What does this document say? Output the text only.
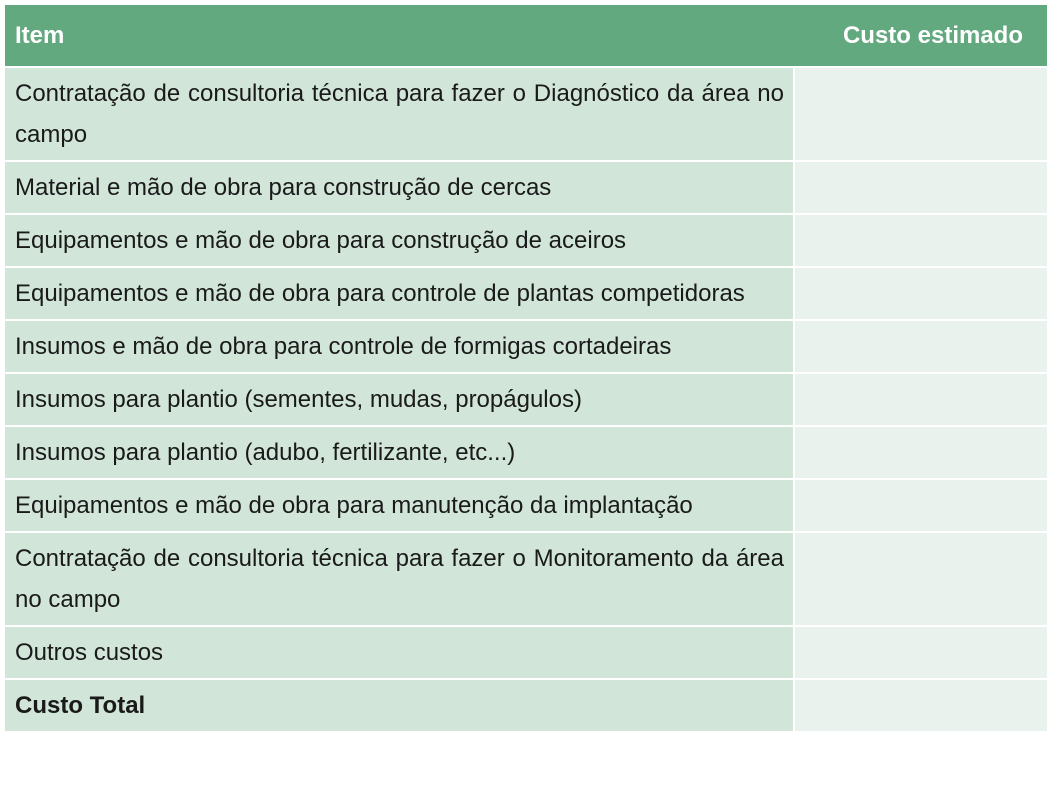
Item	Custo estimado
Contratação de consultoria técnica para fazer o Diagnóstico da área no campo	
Material e mão de obra para construção de cercas	
Equipamentos e mão de obra para construção de aceiros	
Equipamentos e mão de obra para controle de plantas competidoras	
Insumos e mão de obra para controle de formigas cortadeiras	
Insumos para plantio (sementes, mudas, propágulos)	
Insumos para plantio (adubo, fertilizante, etc...)	
Equipamentos e mão de obra para manutenção da implantação	
Contratação de consultoria técnica para fazer o Monitoramento da área no campo	
Outros custos	
Custo Total	
